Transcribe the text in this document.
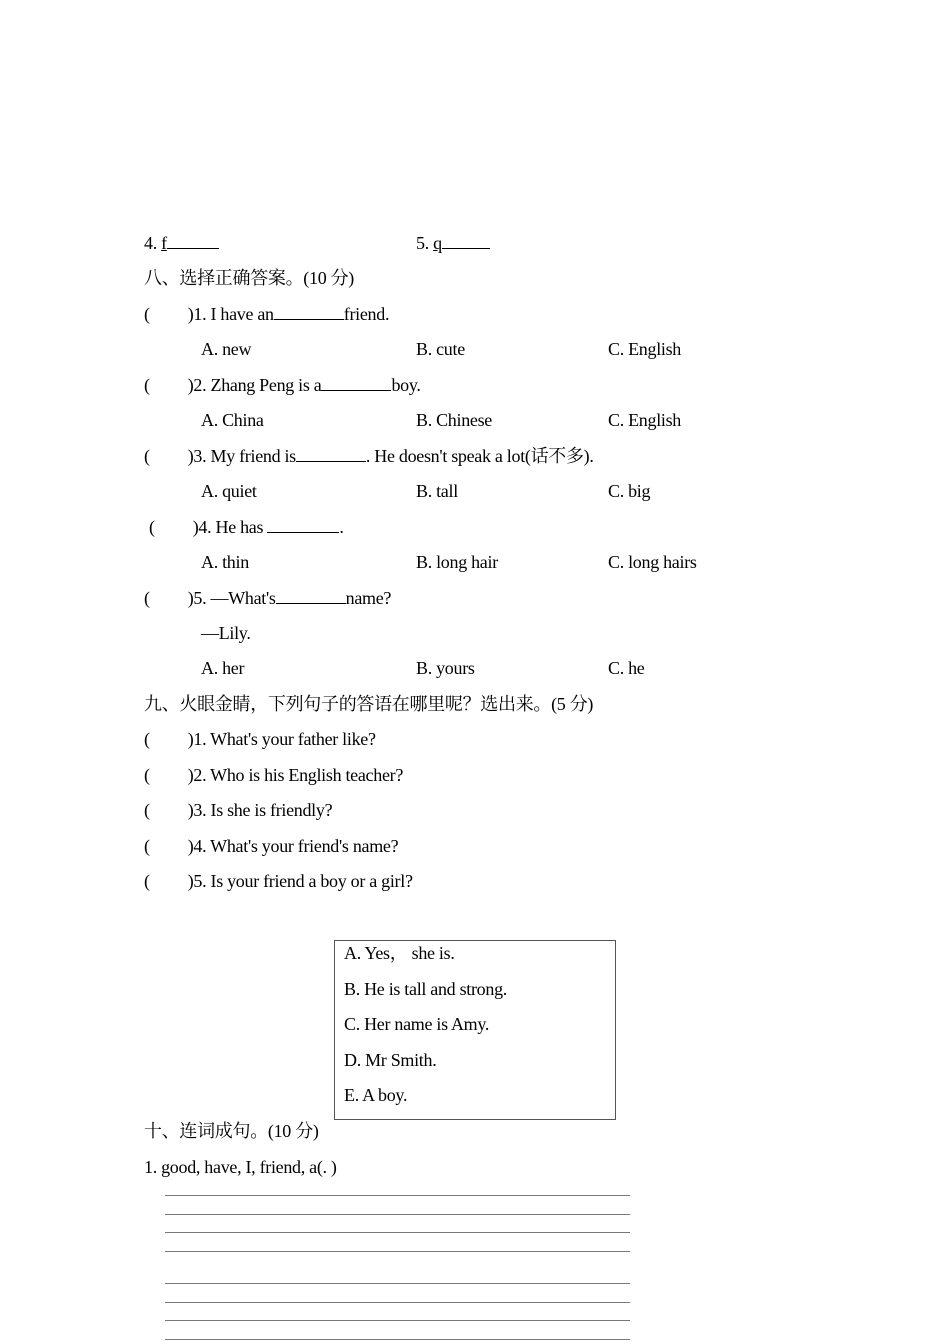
4. f	5. q
八、选择正确答案。(10 分)
( )1. I have an	friend.
A. new	B. cute	C. English
( )2. Zhang Peng is a	boy.
A. China	B. Chinese	C. English
( )3. My friend is	. He doesn't speak a lot(话不多).
A. quiet	B. tall	C. big
( )4. He has	.
A. thin	B. long hair	C. long hairs
( )5. —What's	name?
—Lily.
A. her	B. yours	C. he
九、火眼金睛，下列句子的答语在哪里呢？选出来。(5 分)
( )1. What's your father like?
( )2. Who is his English teacher?
( )3. Is she is friendly?
( )4. What's your friend's name?
( )5. Is your friend a boy or a girl?
A. Yes， she is.
B. He is tall and strong.
C. Her name is Amy.
D. Mr Smith.
E. A boy.
十、连词成句。(10 分)
1. good, have, I, friend, a(. )
